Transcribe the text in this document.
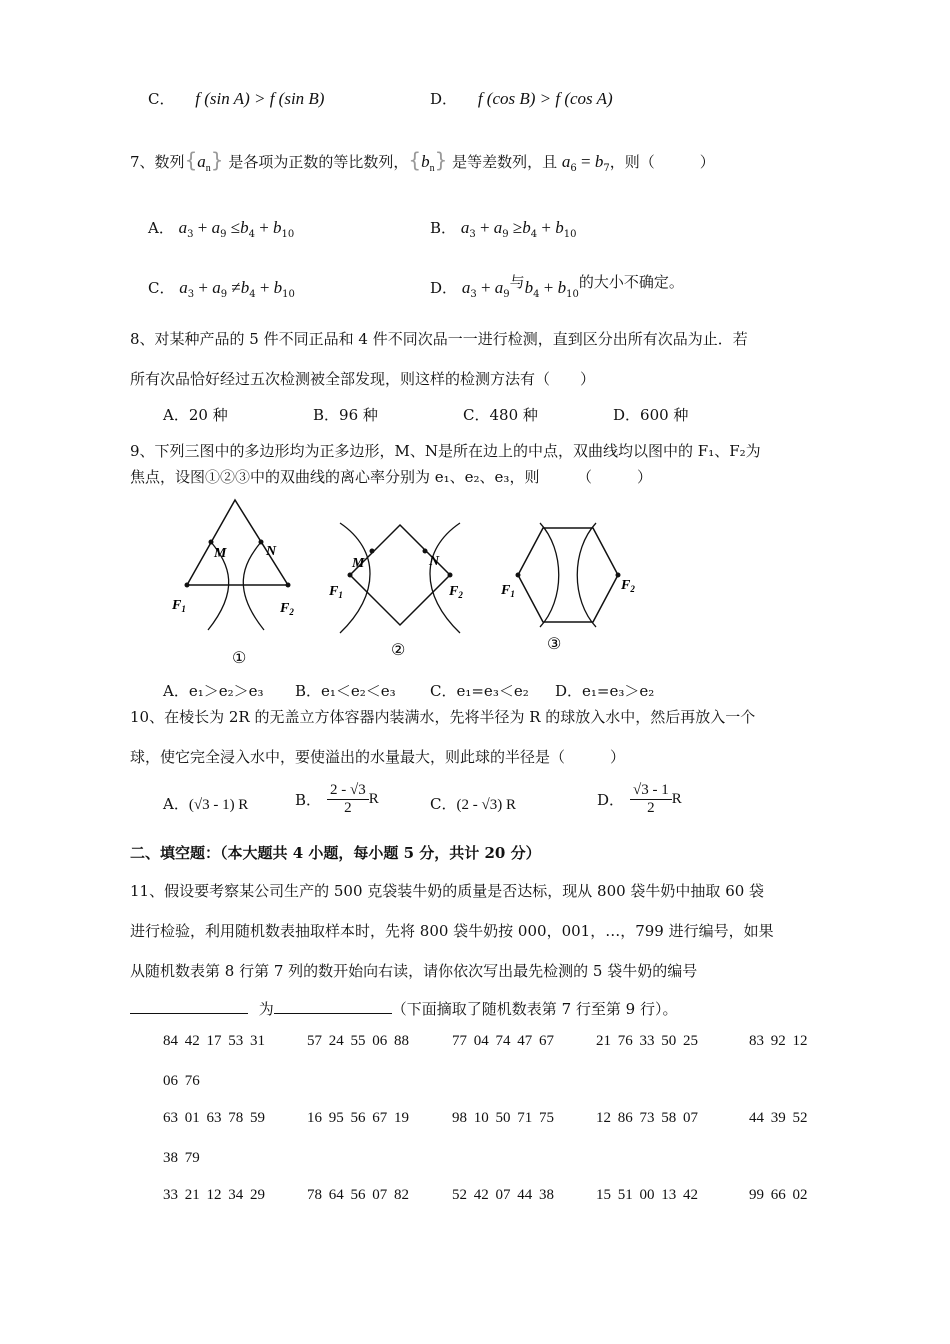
C． f (sin A) > f (sin B)	D． f (cos B) > f (cos A)
7、数列$\{a_n\}$ 是各项为正数的等比数列，$\{b_n\}$ 是等差数列，且 $a_6 = b_7$，则（　　　）
A． $a_3 + a_9 \le b_4 + b_{10}$	B． $a_3 + a_9 \ge b_4 + b_{10}$
C． $a_3 + a_9 \ne b_4 + b_{10}$	D． $a_3 + a_9$与$b_4 + b_{10}$的大小不确定。
8、对某种产品的 5 件不同正品和 4 件不同次品一一进行检测，直到区分出所有次品为止．若
所有次品恰好经过五次检测被全部发现，则这样的检测方法有（　　）
A．20 种	B．96 种	C．480 种	D．600 种
9、下列三图中的多边形均为正多边形，M、N是所在边上的中点，双曲线均以图中的 F₁、F₂为
焦点，设图①②③中的双曲线的离心率分别为 e₁、e₂、e₃，则　　　（　　　）
M	N
$F_1$	$F_2$
①
M	N
$F_1$	$F_2$
②
$F_1$
$F_2$
③
A．e₁＞e₂＞e₃ B．e₁＜e₂＜e₃ C．e₁=e₃＜e₂ D．e₁=e₃＞e₂
10、在棱长为 2R 的无盖立方体容器内装满水，先将半径为 R 的球放入水中，然后再放入一个
球，使它完全浸入水中，要使溢出的水量最大，则此球的半径是（　　　）
A．(√3 - 1) R	B． $\frac{2 - √3}{2}$ R	C．(2 - √3) R	D． $\frac{√3 - 1}{2}$ R
二、填空题：（本大题共 4 小题，每小题 5 分，共计 20 分）
11、假设要考察某公司生产的 500 克袋装牛奶的质量是否达标，现从 800 袋牛奶中抽取 60 袋
进行检验，利用随机数表抽取样本时，先将 800 袋牛奶按 000，001，…，799 进行编号，如果
从随机数表第 8 行第 7 列的数开始向右读，请你依次写出最先检测的 5 袋牛奶的编号
为	（下面摘取了随机数表第 7 行至第 9 行）。
84 42 17 53 31	57 24 55 06 88	77 04 74 47 67	21 76 33 50 25	83 92 12
06 76
63 01 63 78 59	16 95 56 67 19	98 10 50 71 75	12 86 73 58 07	44 39 52
38 79
33 21 12 34 29	78 64 56 07 82	52 42 07 44 38	15 51 00 13 42	99 66 02
